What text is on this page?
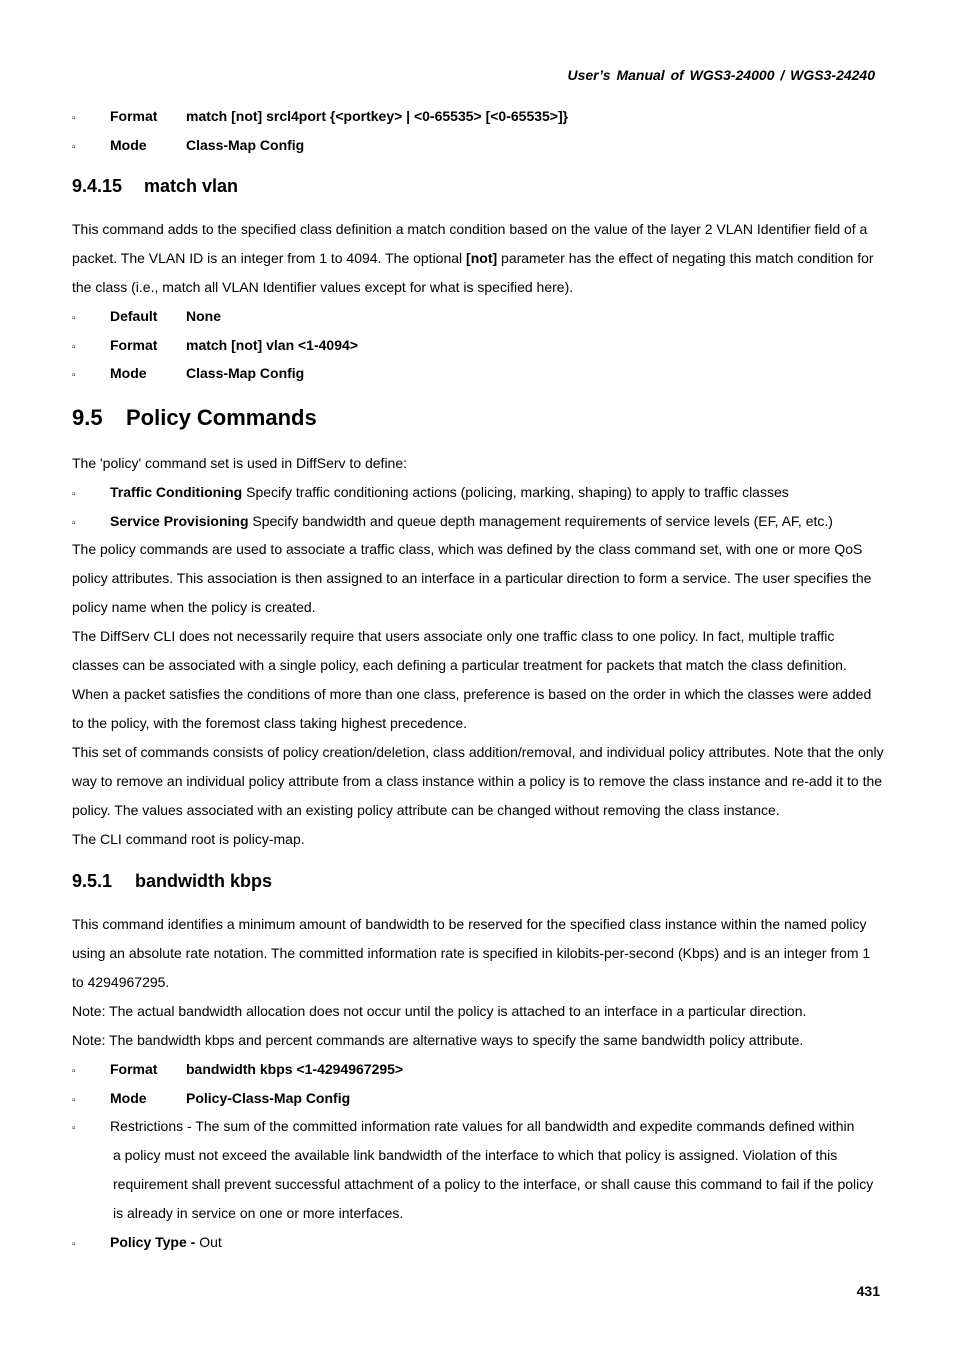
User’s Manual of WGS3-24000 / WGS3-24240
▫	Format	match [not] srcl4port {<portkey> | <0-65535> [<0-65535>]}
▫	Mode	Class-Map Config
9.4.15 match vlan

This command adds to the specified class definition a match condition based on the value of the layer 2 VLAN Identifier field of a packet. The VLAN ID is an integer from 1 to 4094. The optional [not] parameter has the effect of negating this match condition for the class (i.e., match all VLAN Identifier values except for what is specified here).

▫	Default	None
▫	Format	match [not] vlan <1-4094>
▫	Mode	Class-Map Config
9.5 Policy Commands

The 'policy' command set is used in DiffServ to define:

▫	Traffic Conditioning Specify traffic conditioning actions (policing, marking, shaping) to apply to traffic classes
▫	Service Provisioning Specify bandwidth and queue depth management requirements of service levels (EF, AF, etc.)

The policy commands are used to associate a traffic class, which was defined by the class command set, with one or more QoS policy attributes. This association is then assigned to an interface in a particular direction to form a service. The user specifies the policy name when the policy is created.

The DiffServ CLI does not necessarily require that users associate only one traffic class to one policy. In fact, multiple traffic classes can be associated with a single policy, each defining a particular treatment for packets that match the class definition. When a packet satisfies the conditions of more than one class, preference is based on the order in which the classes were added to the policy, with the foremost class taking highest precedence.

This set of commands consists of policy creation/deletion, class addition/removal, and individual policy attributes. Note that the only way to remove an individual policy attribute from a class instance within a policy is to remove the class instance and re-add it to the policy. The values associated with an existing policy attribute can be changed without removing the class instance.

The CLI command root is policy-map.

9.5.1 bandwidth kbps

This command identifies a minimum amount of bandwidth to be reserved for the specified class instance within the named policy using an absolute rate notation. The committed information rate is specified in kilobits-per-second (Kbps) and is an integer from 1 to 4294967295.

Note: The actual bandwidth allocation does not occur until the policy is attached to an interface in a particular direction.

Note: The bandwidth kbps and percent commands are alternative ways to specify the same bandwidth policy attribute.

▫	Format	bandwidth kbps <1-4294967295>
▫	Mode	Policy-Class-Map Config
▫	Restrictions - The sum of the committed information rate values for all bandwidth and expedite commands defined within
a policy must not exceed the available link bandwidth of the interface to which that policy is assigned. Violation of this requirement shall prevent successful attachment of a policy to the interface, or shall cause this command to fail if the policy is already in service on one or more interfaces.
▫	Policy Type - Out
431
